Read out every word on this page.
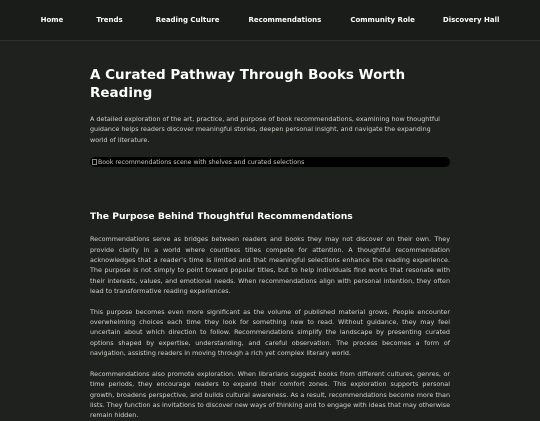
Home	Trends	Reading Culture	Recommendations	Community Role	Discovery Hall
A Curated Pathway Through Books Worth Reading

A detailed exploration of the art, practice, and purpose of book recommendations, examining how thoughtful guidance helps readers discover meaningful stories, deepen personal insight, and navigate the expanding world of literature.

Book recommendations scene with shelves and curated selections
The Purpose Behind Thoughtful Recommendations

Recommendations serve as bridges between readers and books they may not discover on their own. They provide clarity in a world where countless titles compete for attention. A thoughtful recommendation acknowledges that a reader’s time is limited and that meaningful selections enhance the reading experience. The purpose is not simply to point toward popular titles, but to help individuals find works that resonate with their interests, values, and emotional needs. When recommendations align with personal intention, they often lead to transformative reading experiences.

This purpose becomes even more significant as the volume of published material grows. People encounter overwhelming choices each time they look for something new to read. Without guidance, they may feel uncertain about which direction to follow. Recommendations simplify the landscape by presenting curated options shaped by expertise, understanding, and careful observation. The process becomes a form of navigation, assisting readers in moving through a rich yet complex literary world.

Recommendations also promote exploration. When librarians suggest books from different cultures, genres, or time periods, they encourage readers to expand their comfort zones. This exploration supports personal growth, broadens perspective, and builds cultural awareness. As a result, recommendations become more than lists. They function as invitations to discover new ways of thinking and to engage with ideas that may otherwise remain hidden.
